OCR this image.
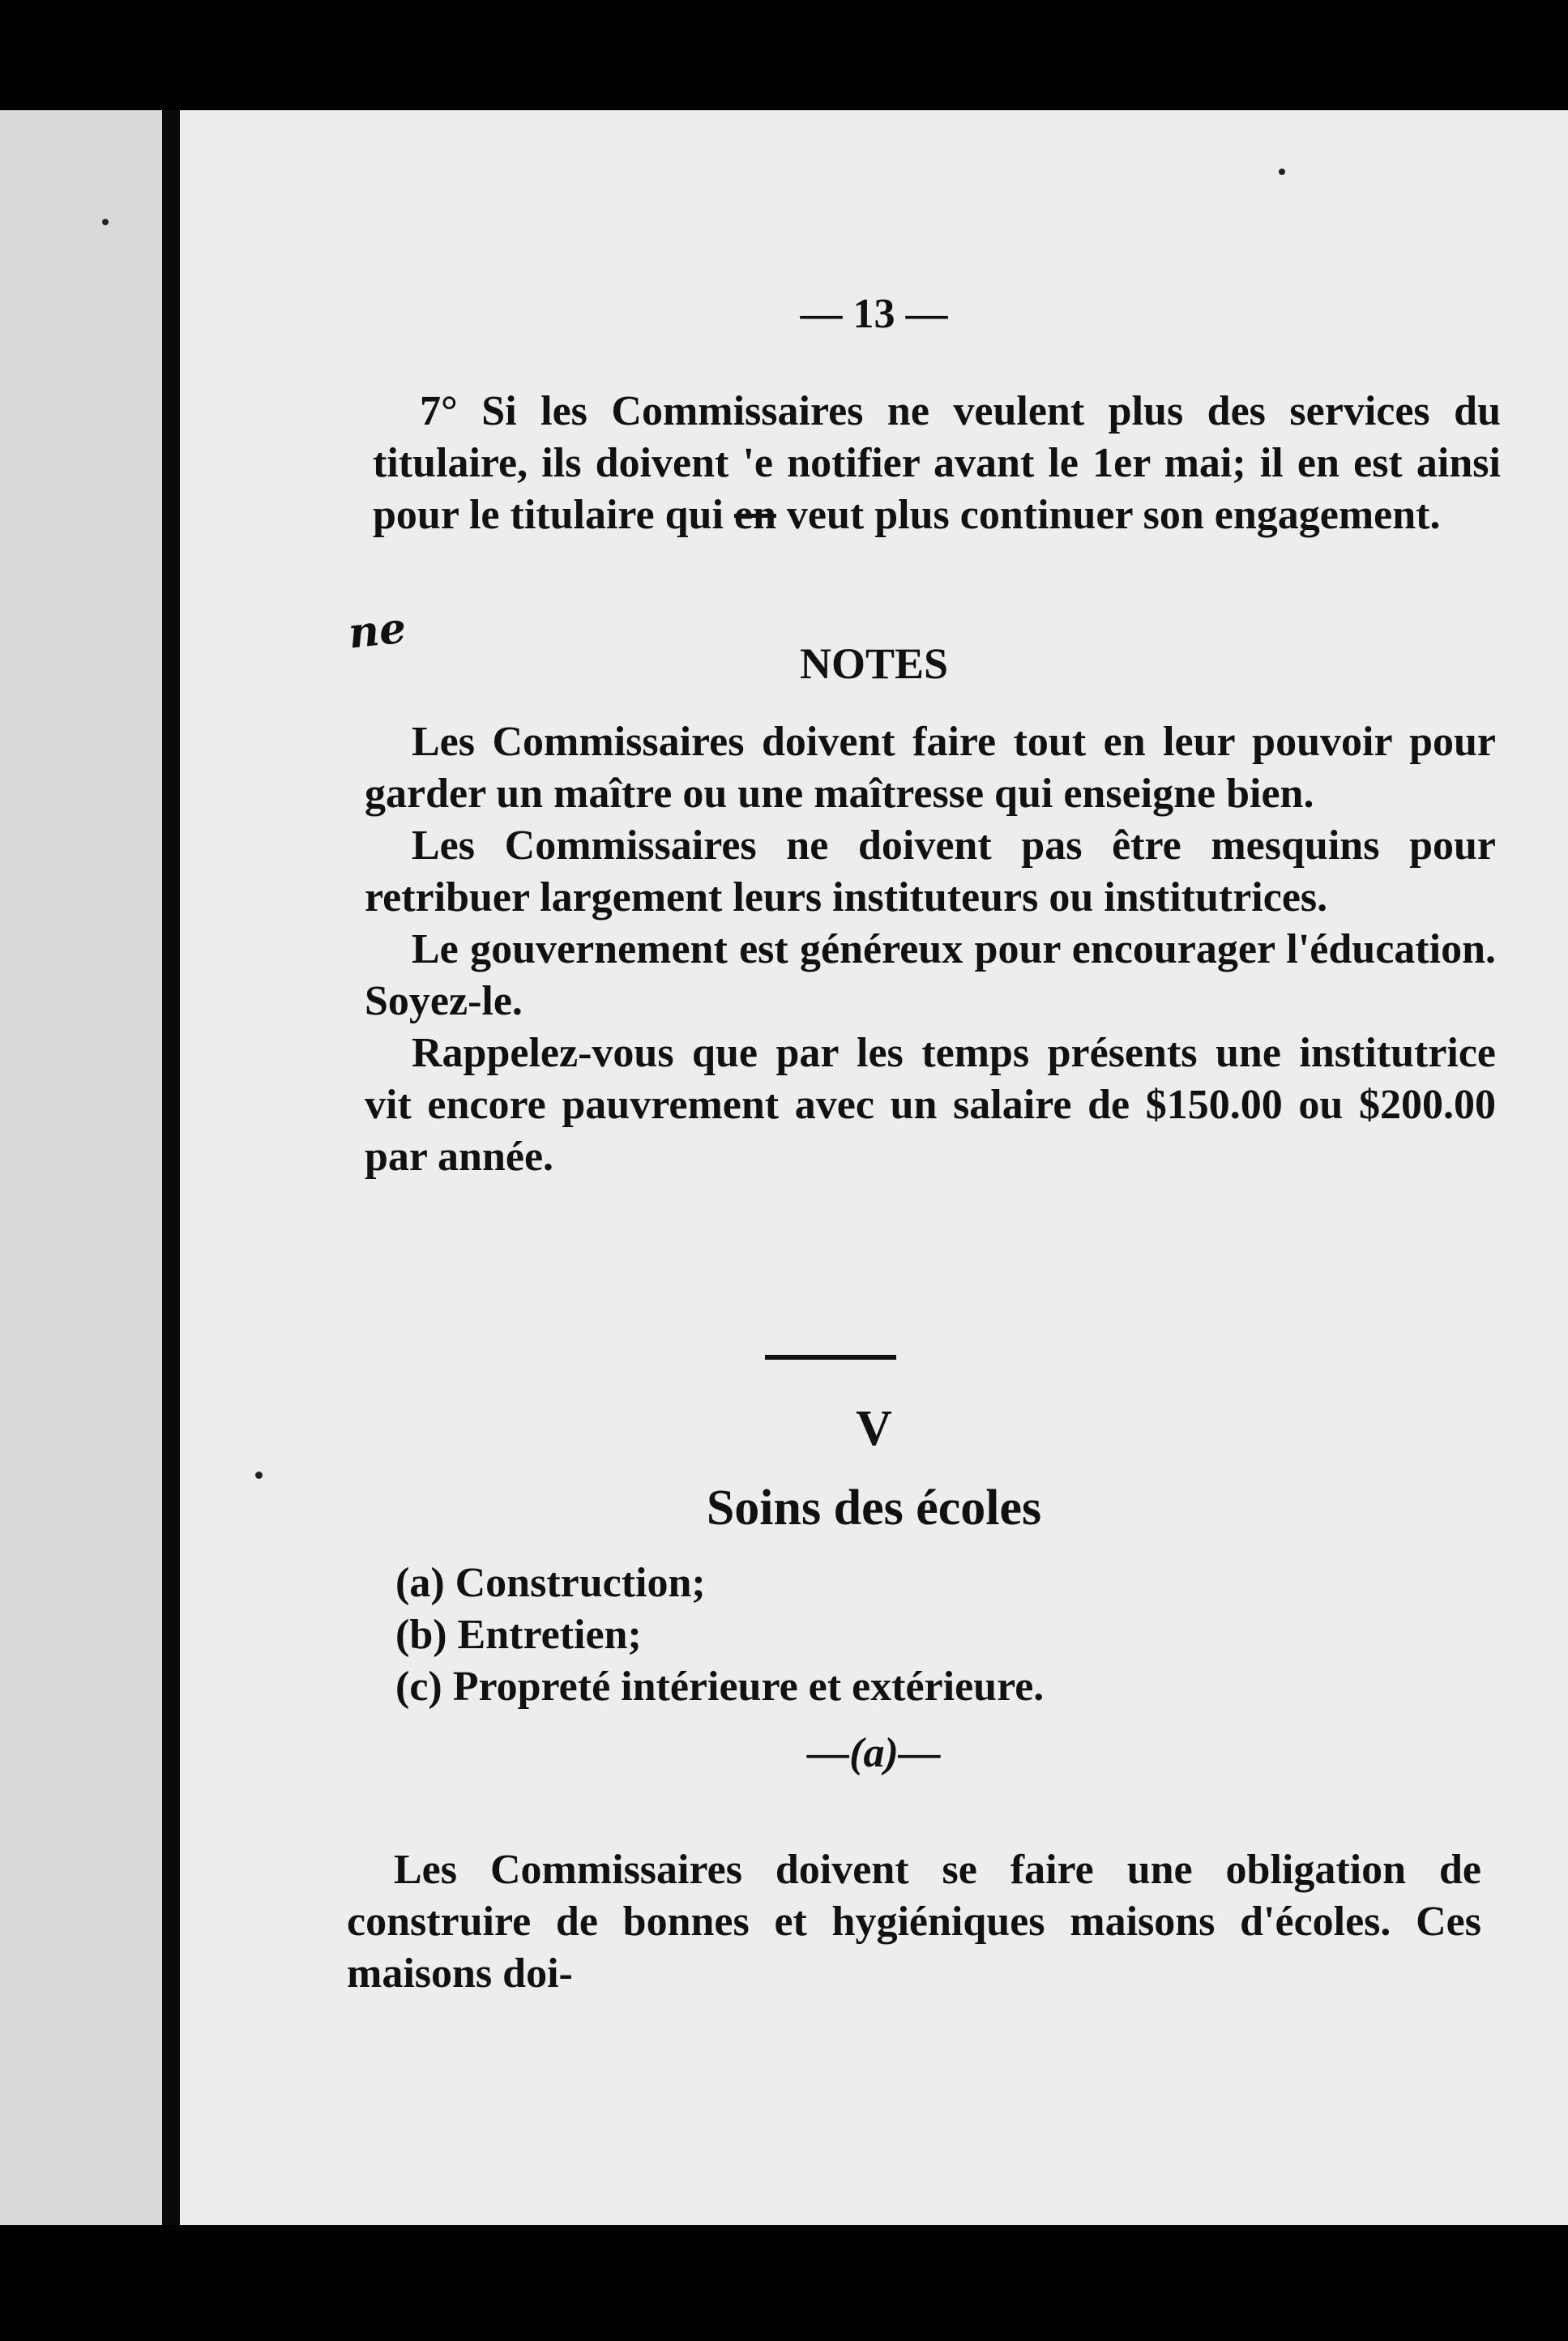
— 13 —

7° Si les Commissaires ne veulent plus des services du titulaire, ils doivent 'e notifier avant le 1er mai; il en est ainsi pour le titulaire qui en veut plus continuer son engagement.

ne
NOTES

Les Commissaires doivent faire tout en leur pouvoir pour garder un maître ou une maîtresse qui enseigne bien.

Les Commissaires ne doivent pas être mesquins pour retribuer largement leurs instituteurs ou institutrices.

Le gouvernement est généreux pour encourager l'éducation. Soyez-le.

Rappelez-vous que par les temps présents une institutrice vit encore pauvrement avec un salaire de $150.00 ou $200.00 par année.

V
Soins des écoles
(a) Construction;
(b) Entretien;
(c) Propreté intérieure et extérieure.
—(a)—

Les Commissaires doivent se faire une obligation de construire de bonnes et hygiéniques maisons d'écoles. Ces maisons doi-
